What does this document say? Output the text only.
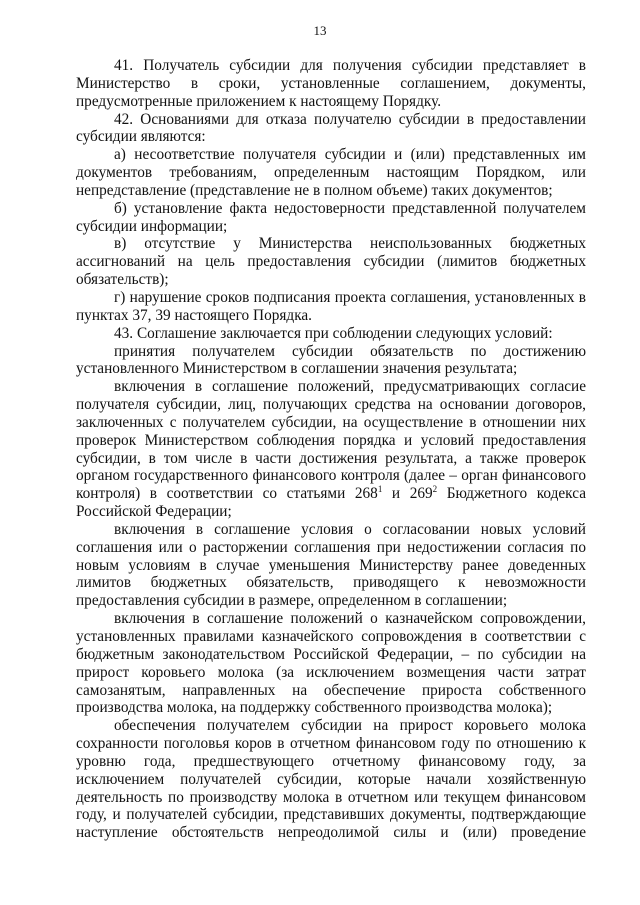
13

41. Получатель субсидии для получения субсидии представляет в Министерство в сроки, установленные соглашением, документы, предусмотренные приложением к настоящему Порядку.

42. Основаниями для отказа получателю субсидии в предоставлении субсидии являются:

а) несоответствие получателя субсидии и (или) представленных им документов требованиям, определенным настоящим Порядком, или непредставление (представление не в полном объеме) таких документов;

б) установление факта недостоверности представленной получателем субсидии информации;

в) отсутствие у Министерства неиспользованных бюджетных ассигнований на цель предоставления субсидии (лимитов бюджетных обязательств);

г) нарушение сроков подписания проекта соглашения, установленных в пунктах 37, 39 настоящего Порядка.

43. Соглашение заключается при соблюдении следующих условий:

принятия получателем субсидии обязательств по достижению установленного Министерством в соглашении значения результата;

включения в соглашение положений, предусматривающих согласие получателя субсидии, лиц, получающих средства на основании договоров, заключенных с получателем субсидии, на осуществление в отношении них проверок Министерством соблюдения порядка и условий предоставления субсидии, в том числе в части достижения результата, а также проверок органом государственного финансового контроля (далее – орган финансового контроля) в соответствии со статьями $268^1$ и $269^2$ Бюджетного кодекса Российской Федерации;

включения в соглашение условия о согласовании новых условий соглашения или о расторжении соглашения при недостижении согласия по новым условиям в случае уменьшения Министерству ранее доведенных лимитов бюджетных обязательств, приводящего к невозможности предоставления субсидии в размере, определенном в соглашении;

включения в соглашение положений о казначейском сопровождении, установленных правилами казначейского сопровождения в соответствии с бюджетным законодательством Российской Федерации, – по субсидии на прирост коровьего молока (за исключением возмещения части затрат самозанятым, направленных на обеспечение прироста собственного производства молока, на поддержку собственного производства молока);

обеспечения получателем субсидии на прирост коровьего молока сохранности поголовья коров в отчетном финансовом году по отношению к уровню года, предшествующего отчетному финансовому году, за исключением получателей субсидии, которые начали хозяйственную деятельность по производству молока в отчетном или текущем финансовом году, и получателей субсидии, представивших документы, подтверждающие наступление обстоятельств непреодолимой силы и (или) проведение
